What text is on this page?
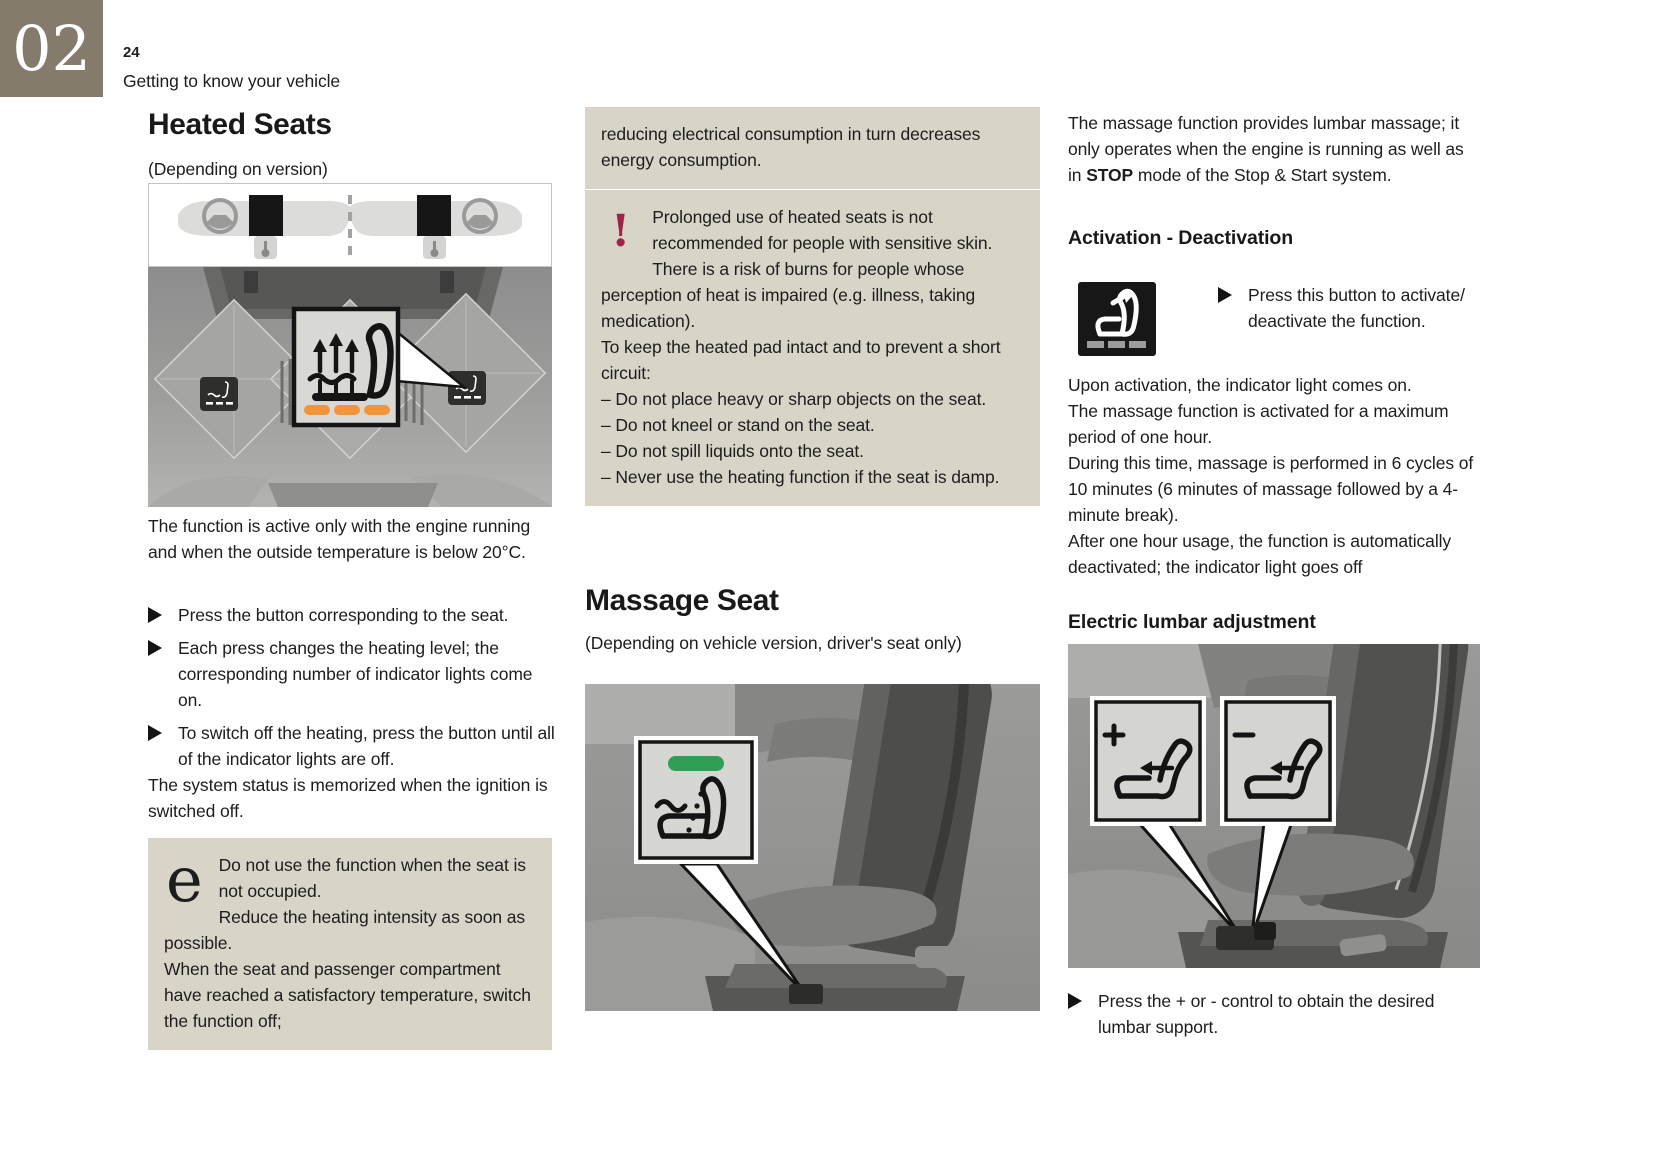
02 24
Getting to know your vehicle
Heated Seats
(Depending on version)
The function is active only with the engine running and when the outside temperature is below 20°C.
Press the button corresponding to the seat.
Each press changes the heating level; the corresponding number of indicator lights come on.
To switch off the heating, press the button until all of the indicator lights are off.
The system status is memorized when the ignition is switched off.
e Do not use the function when the seat is not occupied.
Reduce the heating intensity as soon as possible.
When the seat and passenger compartment have reached a satisfactory temperature, switch the function off;
reducing electrical consumption in turn decreases energy consumption.
!	Prolonged use of heated seats is not recommended for people with sensitive skin.
There is a risk of burns for people whose perception of heat is impaired (e.g. illness, taking medication).
To keep the heated pad intact and to prevent a short circuit:
– Do not place heavy or sharp objects on the seat.
– Do not kneel or stand on the seat.
– Do not spill liquids onto the seat.
– Never use the heating function if the seat is damp.
Massage Seat
(Depending on vehicle version, driver's seat only)
The massage function provides lumbar massage; it only operates when the engine is running as well as in STOP mode of the Stop & Start system.
Activation - Deactivation
Press this button to activate/ deactivate the function.
Upon activation, the indicator light comes on.
The massage function is activated for a maximum period of one hour.
During this time, massage is performed in 6 cycles of 10 minutes (6 minutes of massage followed by a 4-minute break).
After one hour usage, the function is automatically deactivated; the indicator light goes off
Electric lumbar adjustment
Press the + or - control to obtain the desired lumbar support.
